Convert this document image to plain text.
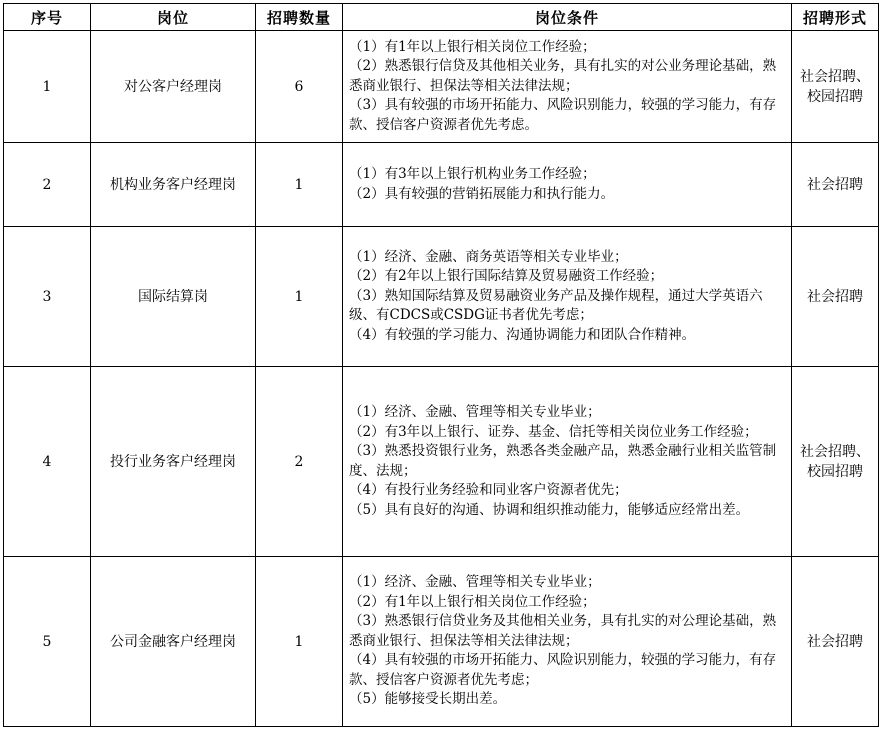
序号	岗位	招聘数量	岗位条件	招聘形式
1	对公客户经理岗	6	（1）有1年以上银行相关岗位工作经验；
（2）熟悉银行信贷及其他相关业务，具有扎实的对公业务理论基础，熟悉商业银行、担保法等相关法律法规；
（3）具有较强的市场开拓能力、风险识别能力，较强的学习能力，有存款、授信客户资源者优先考虑。	社会招聘、
校园招聘

2	机构业务客户经理岗	1	（1）有3年以上银行机构业务工作经验；
（2）具有较强的营销拓展能力和执行能力。	社会招聘

3	国际结算岗	1	（1）经济、金融、商务英语等相关专业毕业；
（2）有2年以上银行国际结算及贸易融资工作经验；
（3）熟知国际结算及贸易融资业务产品及操作规程，通过大学英语六级、有CDCS或CSDG证书者优先考虑；
（4）有较强的学习能力、沟通协调能力和团队合作精神。	社会招聘

4	投行业务客户经理岗	2	（1）经济、金融、管理等相关专业毕业；
（2）有3年以上银行、证券、基金、信托等相关岗位业务工作经验；
（3）熟悉投资银行业务，熟悉各类金融产品，熟悉金融行业相关监管制度、法规；
（4）有投行业务经验和同业客户资源者优先；
（5）具有良好的沟通、协调和组织推动能力，能够适应经常出差。	社会招聘、
校园招聘

5	公司金融客户经理岗	1	（1）经济、金融、管理等相关专业毕业；
（2）有1年以上银行相关岗位工作经验；
（3）熟悉银行信贷业务及其他相关业务，具有扎实的对公理论基础，熟悉商业银行、担保法等相关法律法规；
（4）具有较强的市场开拓能力、风险识别能力，较强的学习能力，有存款、授信客户资源者优先考虑；
（5）能够接受长期出差。	社会招聘
